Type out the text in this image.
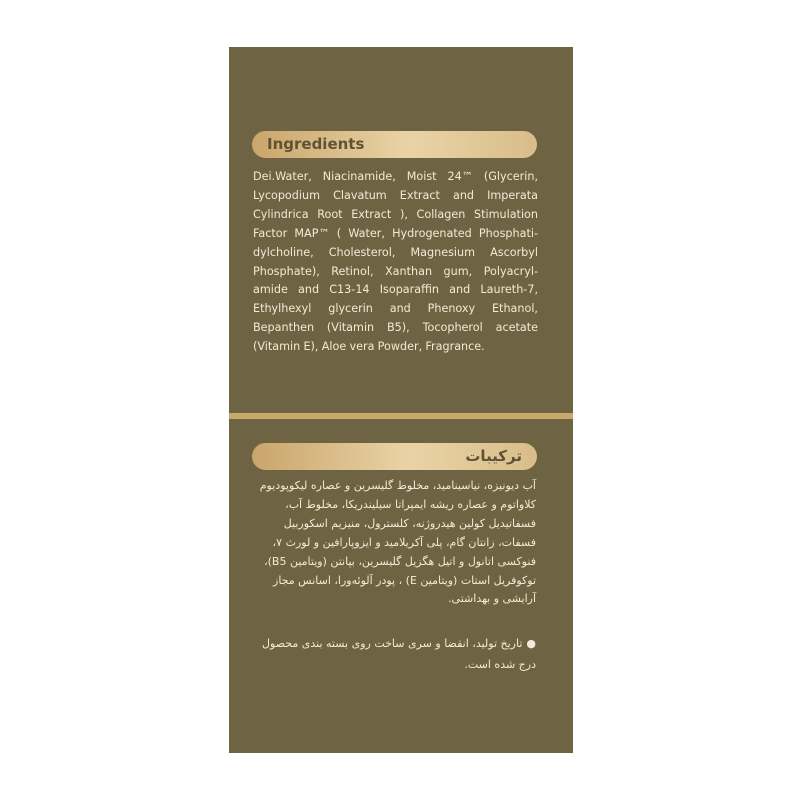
Ingredients
Dei.Water, Niacinamide, Moist 24™ (Glycerin, Lycopodium Clavatum Extract and Imperata Cylindrica Root Extract ), Collagen Stimulation Factor MAP™ ( Water, Hydrogenated Phosphati-dylcholine, Cholesterol, Magnesium Ascorbyl Phosphate), Retinol, Xanthan gum, Polyacryl-amide and C13-14 Isoparaffin and Laureth-7, Ethylhexyl glycerin and Phenoxy Ethanol, Bepanthen (Vitamin B5), Tocopherol acetate (Vitamin E), Aloe vera Powder, Fragrance.
ترکیبات
آب دیونیزه، نیاسینامید، مخلوط گلیسرین و عصاره لیکوپودیوم کلاواتوم و عصاره ریشه ایمپراتا سیلیندریکا، مخلوط آب، فسفاتیدیل کولین هیدروژنه، کلسترول، منیزیم اسکوربیل فسفات، زانتان گام، پلی آکریلامید و ایزوپارافین و لورث ۷، فنوکسی اتانول و اتیل هگزیل گلیسرین، بپانتن (ویتامین B5)، توکوفریل استات (ویتامین E) ، پودر آلوئه‌ورا، اسانس مجاز آرایشی و بهداشتی.
●تاریخ تولید، انقضا و سری ساخت روی بسته بندی محصول درج شده است.
